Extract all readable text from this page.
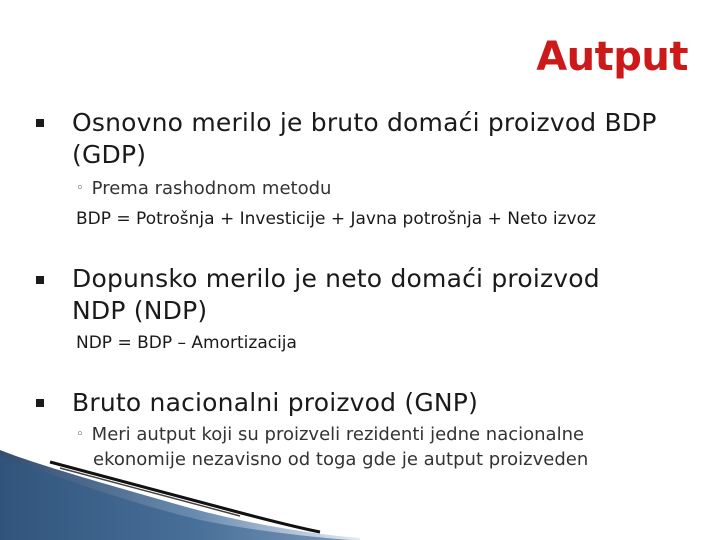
Autput
Osnovno merilo je bruto domaći proizvod BDP
(GDP)
◦ Prema rashodnom metodu
BDP = Potrošnja + Investicije + Javna potrošnja + Neto izvoz
Dopunsko merilo je neto domaći proizvod
NDP (NDP)
NDP = BDP – Amortizacija
Bruto nacionalni proizvod (GNP)
◦ Meri autput koji su proizveli rezidenti jedne nacionalne
ekonomije nezavisno od toga gde je autput proizveden
